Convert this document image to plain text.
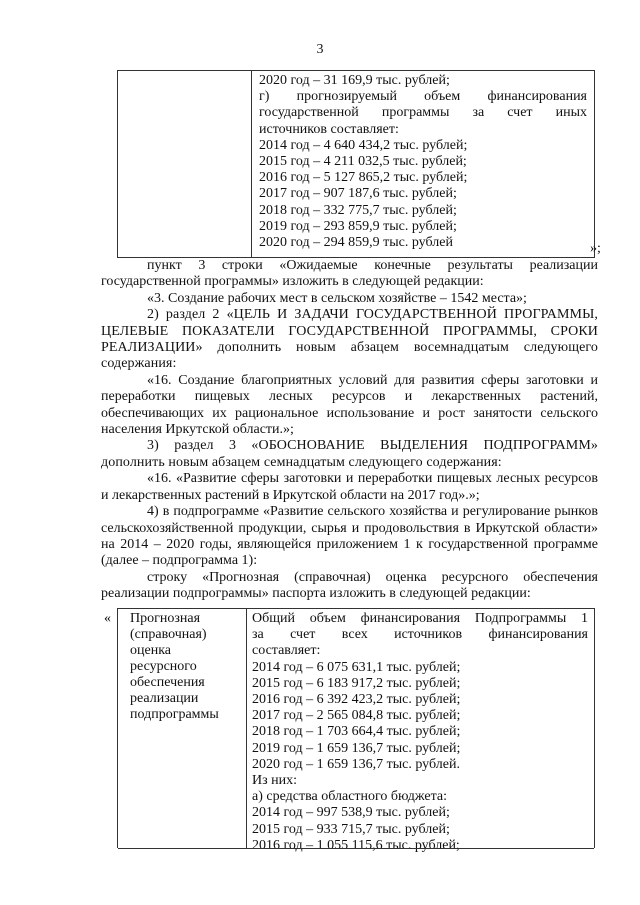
3
2020 год – 31 169,9 тыс. рублей;
г) прогнозируемый объем финансирования
государственной программы за счет иных
источников составляет:
2014 год – 4 640 434,2 тыс. рублей;
2015 год – 4 211 032,5 тыс. рублей;
2016 год – 5 127 865,2 тыс. рублей;
2017 год – 907 187,6 тыс. рублей;
2018 год – 332 775,7 тыс. рублей;
2019 год – 293 859,9 тыс. рублей;
2020 год – 294 859,9 тыс. рублей	»;

пункт 3 строки «Ожидаемые конечные результаты реализации государственной программы» изложить в следующей редакции:

«3. Создание рабочих мест в сельском хозяйстве – 1542 места»;

2) раздел 2 «ЦЕЛЬ И ЗАДАЧИ ГОСУДАРСТВЕННОЙ ПРОГРАММЫ, ЦЕЛЕВЫЕ ПОКАЗАТЕЛИ ГОСУДАРСТВЕННОЙ ПРОГРАММЫ, СРОКИ РЕАЛИЗАЦИИ» дополнить новым абзацем восемнадцатым следующего содержания:

«16. Создание благоприятных условий для развития сферы заготовки и переработки пищевых лесных ресурсов и лекарственных растений, обеспечивающих их рациональное использование и рост занятости сельского населения Иркутской области.»;

3) раздел 3 «ОБОСНОВАНИЕ ВЫДЕЛЕНИЯ ПОДПРОГРАММ» дополнить новым абзацем семнадцатым следующего содержания:

«16. «Развитие сферы заготовки и переработки пищевых лесных ресурсов и лекарственных растений в Иркутской области на 2017 год».»;

4) в подпрограмме «Развитие сельского хозяйства и регулирование рынков сельскохозяйственной продукции, сырья и продовольствия в Иркутской области» на 2014 – 2020 годы, являющейся приложением 1 к государственной программе (далее – подпрограмма 1):

строку «Прогнозная (справочная) оценка ресурсного обеспечения реализации подпрограммы» паспорта изложить в следующей редакции:

« Прогнозная
(справочная)
оценка
ресурсного
обеспечения
реализации
подпрограммы
Общий объем финансирования Подпрограммы 1
за счет всех источников финансирования
составляет:
2014 год – 6 075 631,1 тыс. рублей;
2015 год – 6 183 917,2 тыс. рублей;
2016 год – 6 392 423,2 тыс. рублей;
2017 год – 2 565 084,8 тыс. рублей;
2018 год – 1 703 664,4 тыс. рублей;
2019 год – 1 659 136,7 тыс. рублей;
2020 год – 1 659 136,7 тыс. рублей.
Из них:
а) средства областного бюджета:
2014 год – 997 538,9 тыс. рублей;
2015 год – 933 715,7 тыс. рублей;
2016 год – 1 055 115,6 тыс. рублей;
